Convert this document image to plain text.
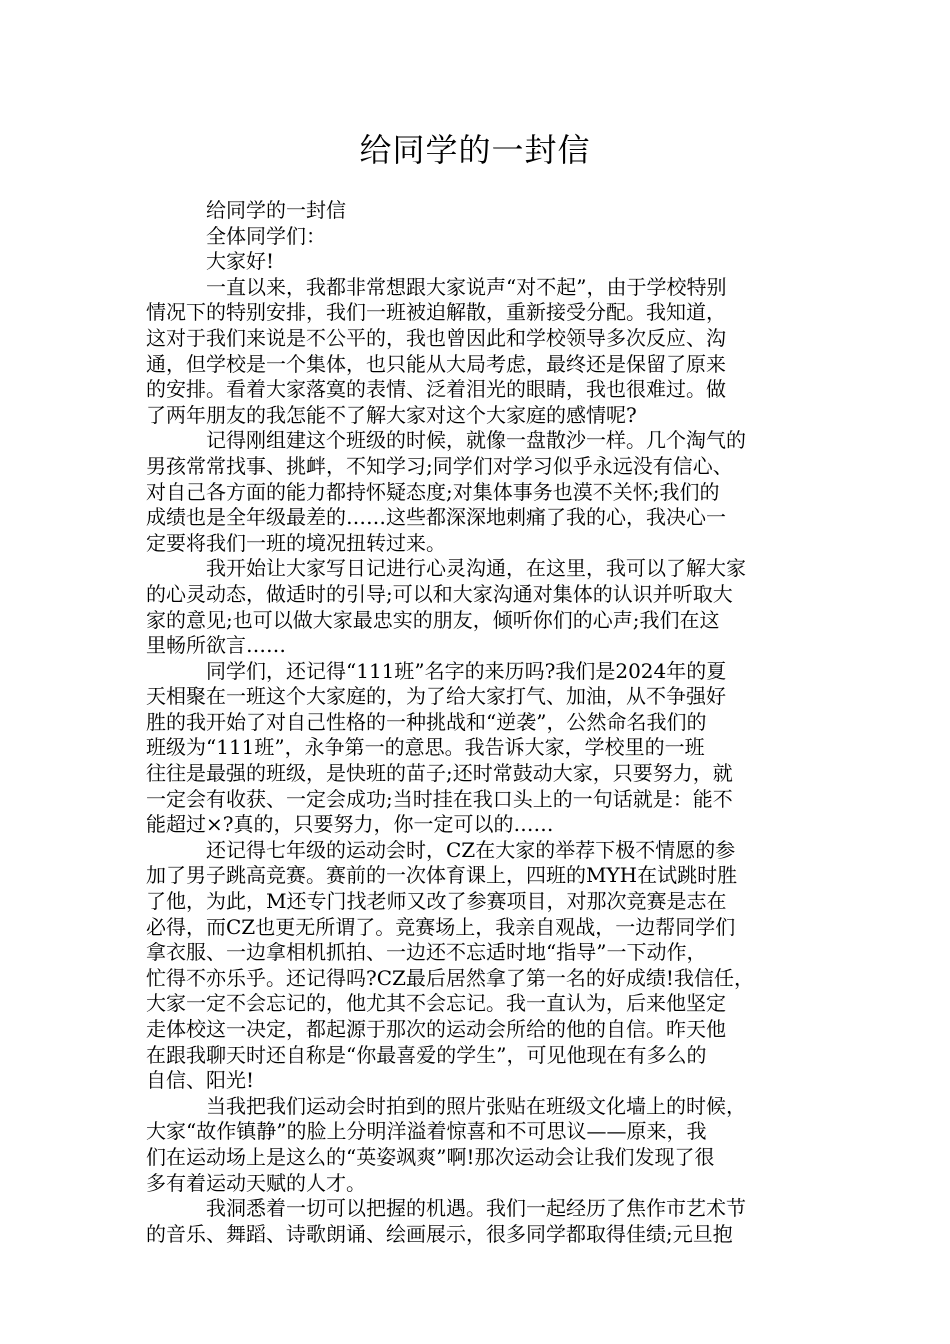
给同学的一封信
　　　给同学的一封信
　　　全体同学们：
　　　大家好!
　　　一直以来，我都非常想跟大家说声“对不起”，由于学校特别
情况下的特别安排，我们一班被迫解散，重新接受分配。我知道，
这对于我们来说是不公平的，我也曾因此和学校领导多次反应、沟
通，但学校是一个集体，也只能从大局考虑，最终还是保留了原来
的安排。看着大家落寞的表情、泛着泪光的眼睛，我也很难过。做
了两年朋友的我怎能不了解大家对这个大家庭的感情呢?
　　　记得刚组建这个班级的时候，就像一盘散沙一样。几个淘气的
男孩常常找事、挑衅，不知学习;同学们对学习似乎永远没有信心、
对自己各方面的能力都持怀疑态度;对集体事务也漠不关怀;我们的
成绩也是全年级最差的……这些都深深地刺痛了我的心，我决心一
定要将我们一班的境况扭转过来。
　　　我开始让大家写日记进行心灵沟通，在这里，我可以了解大家
的心灵动态，做适时的引导;可以和大家沟通对集体的认识并听取大
家的意见;也可以做大家最忠实的朋友，倾听你们的心声;我们在这
里畅所欲言……
　　　同学们，还记得“111班”名字的来历吗?我们是2024年的夏
天相聚在一班这个大家庭的，为了给大家打气、加油，从不争强好
胜的我开始了对自己性格的一种挑战和“逆袭”，公然命名我们的
班级为“111班”，永争第一的意思。我告诉大家，学校里的一班
往往是最强的班级，是快班的苗子;还时常鼓动大家，只要努力，就
一定会有收获、一定会成功;当时挂在我口头上的一句话就是：能不
能超过×?真的，只要努力，你一定可以的……
　　　还记得七年级的运动会时，CZ在大家的举荐下极不情愿的参
加了男子跳高竞赛。赛前的一次体育课上，四班的MYH在试跳时胜
了他，为此，M还专门找老师又改了参赛项目，对那次竞赛是志在
必得，而CZ也更无所谓了。竞赛场上，我亲自观战，一边帮同学们
拿衣服、一边拿相机抓拍、一边还不忘适时地“指导”一下动作，
忙得不亦乐乎。还记得吗?CZ最后居然拿了第一名的好成绩!我信任，
大家一定不会忘记的，他尤其不会忘记。我一直认为，后来他坚定
走体校这一决定，都起源于那次的运动会所给的他的自信。昨天他
在跟我聊天时还自称是“你最喜爱的学生”，可见他现在有多么的
自信、阳光!
　　　当我把我们运动会时拍到的照片张贴在班级文化墙上的时候，
大家“故作镇静”的脸上分明洋溢着惊喜和不可思议——原来，我
们在运动场上是这么的“英姿飒爽”啊!那次运动会让我们发现了很
多有着运动天赋的人才。
　　　我洞悉着一切可以把握的机遇。我们一起经历了焦作市艺术节
的音乐、舞蹈、诗歌朗诵、绘画展示，很多同学都取得佳绩;元旦抱
